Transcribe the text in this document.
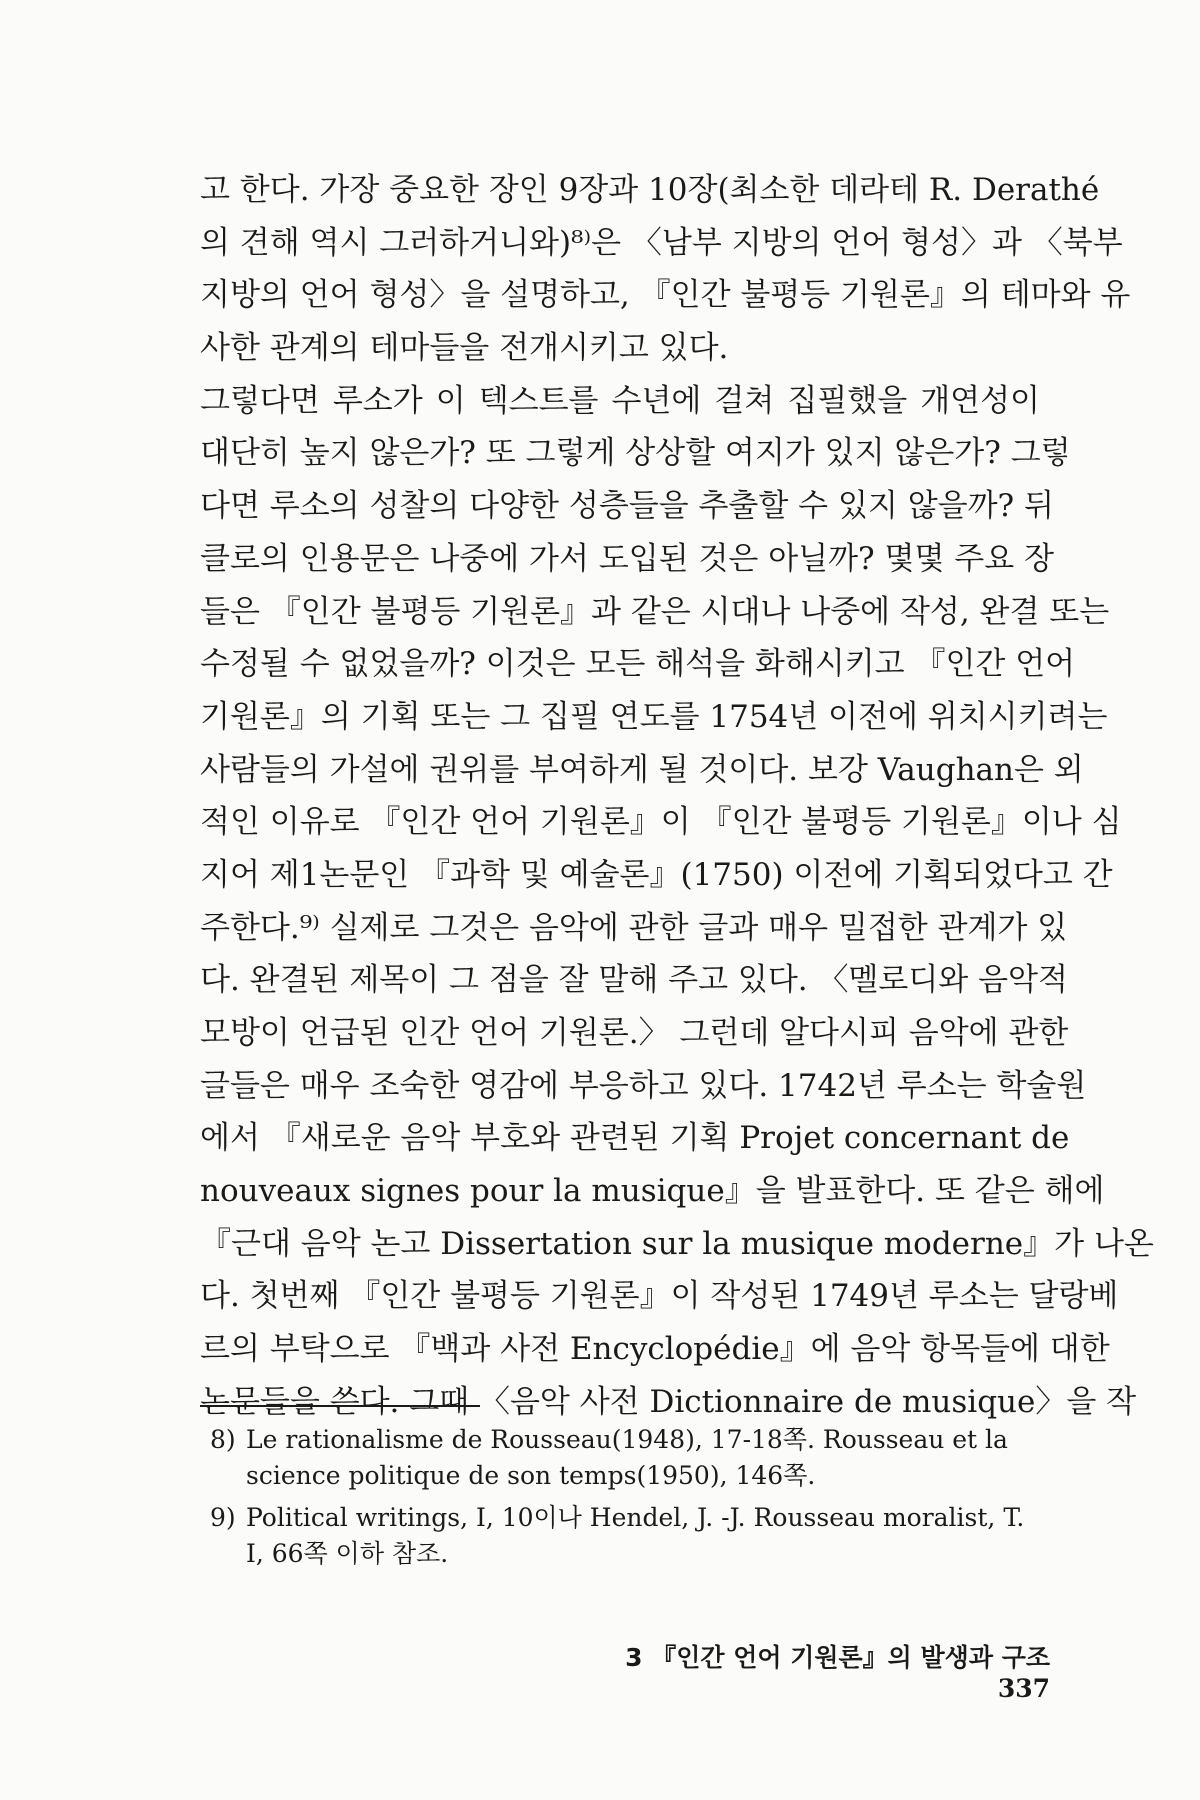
고 한다. 가장 중요한 장인 9장과 10장(최소한 데라테 R. Derathé
의 견해 역시 그러하거니와)⁸⁾은 〈남부 지방의 언어 형성〉과 〈북부
지방의 언어 형성〉을 설명하고, 『인간 불평등 기원론』의 테마와 유
사한 관계의 테마들을 전개시키고 있다.
그렇다면 루소가 이 텍스트를 수년에 걸쳐 집필했을 개연성이
대단히 높지 않은가? 또 그렇게 상상할 여지가 있지 않은가? 그렇
다면 루소의 성찰의 다양한 성층들을 추출할 수 있지 않을까? 뒤
클로의 인용문은 나중에 가서 도입된 것은 아닐까? 몇몇 주요 장
들은 『인간 불평등 기원론』과 같은 시대나 나중에 작성, 완결 또는
수정될 수 없었을까? 이것은 모든 해석을 화해시키고 『인간 언어
기원론』의 기획 또는 그 집필 연도를 1754년 이전에 위치시키려는
사람들의 가설에 권위를 부여하게 될 것이다. 보강 Vaughan은 외
적인 이유로 『인간 언어 기원론』이 『인간 불평등 기원론』이나 심
지어 제1논문인 『과학 및 예술론』(1750) 이전에 기획되었다고 간
주한다.⁹⁾ 실제로 그것은 음악에 관한 글과 매우 밀접한 관계가 있
다. 완결된 제목이 그 점을 잘 말해 주고 있다. 〈멜로디와 음악적
모방이 언급된 인간 언어 기원론.〉 그런데 알다시피 음악에 관한
글들은 매우 조숙한 영감에 부응하고 있다. 1742년 루소는 학술원
에서 『새로운 음악 부호와 관련된 기획 Projet concernant de
nouveaux signes pour la musique』을 발표한다. 또 같은 해에
『근대 음악 논고 Dissertation sur la musique moderne』가 나온
다. 첫번째 『인간 불평등 기원론』이 작성된 1749년 루소는 달랑베
르의 부탁으로 『백과 사전 Encyclopédie』에 음악 항목들에 대한
논문들을 쓴다. 그때 〈음악 사전 Dictionnaire de musique〉을 작
8) Le rationalisme de Rousseau(1948), 17-18쪽. Rousseau et la
science politique de son temps(1950), 146쪽.
9) Political writings, I, 10이나 Hendel, J. -J. Rousseau moralist, T.
I, 66쪽 이하 참조.
3 『인간 언어 기원론』의 발생과 구조337
